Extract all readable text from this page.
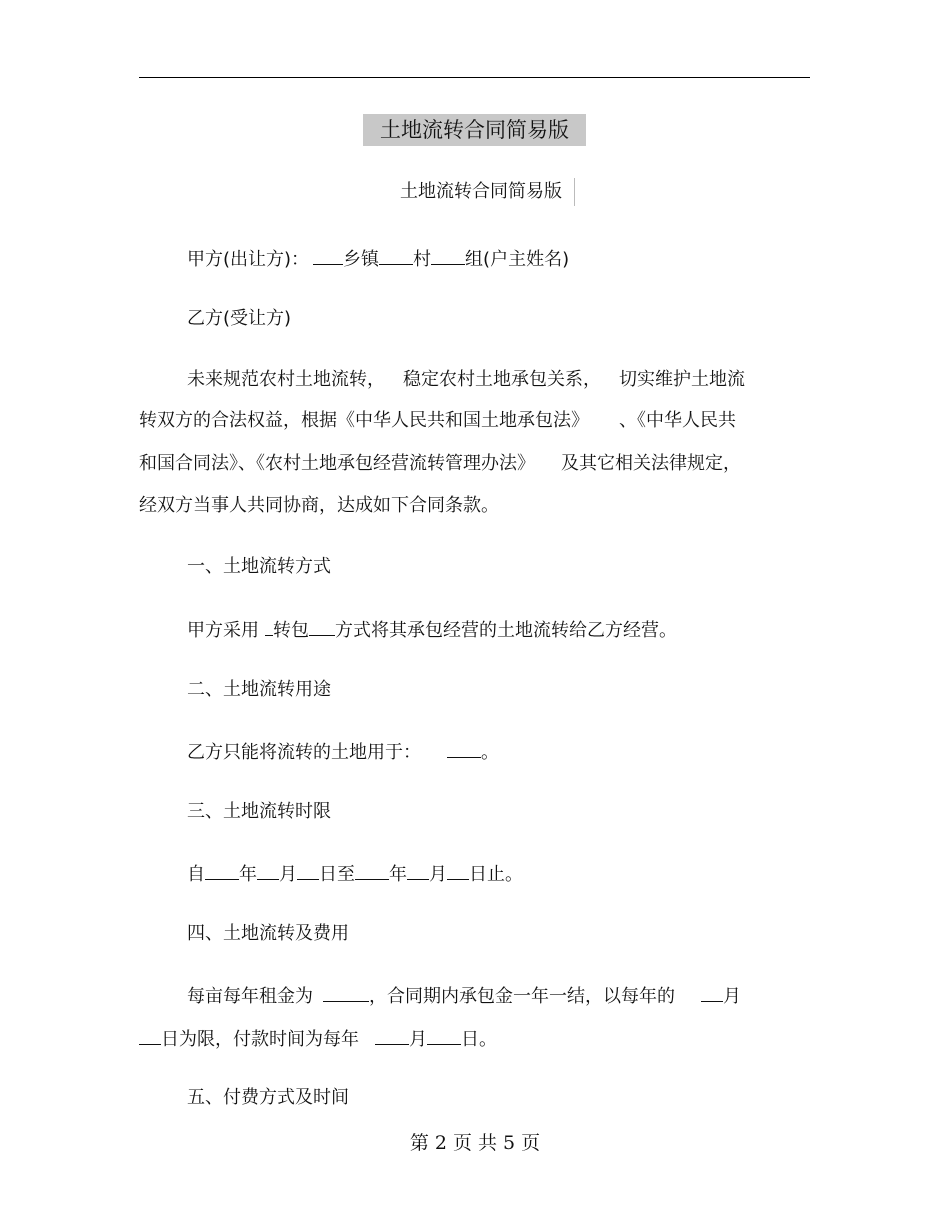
土地流转合同简易版
土地流转合同简易版
甲方(出让方)： 乡镇 村 组(户主姓名)
乙方(受让方)
未来规范农村土地流转， 稳定农村土地承包关系， 切实维护土地流
转双方的合法权益，根据《中华人民共和国土地承包法》 、《中华人民共
和国合同法》、《农村土地承包经营流转管理办法》 及其它相关法律规定，
经双方当事人共同协商，达成如下合同条款。
一、土地流转方式
甲方采用 转包 方式将其承包经营的土地流转给乙方经营。
二、土地流转用途
乙方只能将流转的土地用于：	。
三、土地流转时限
自 年 月 日至 年 月 日止。
四、土地流转及费用
每亩每年租金为	，合同期内承包金一年一结，以每年的	月
日为限，付款时间为每年	月 日。
五、付费方式及时间
第 2 页 共 5 页
